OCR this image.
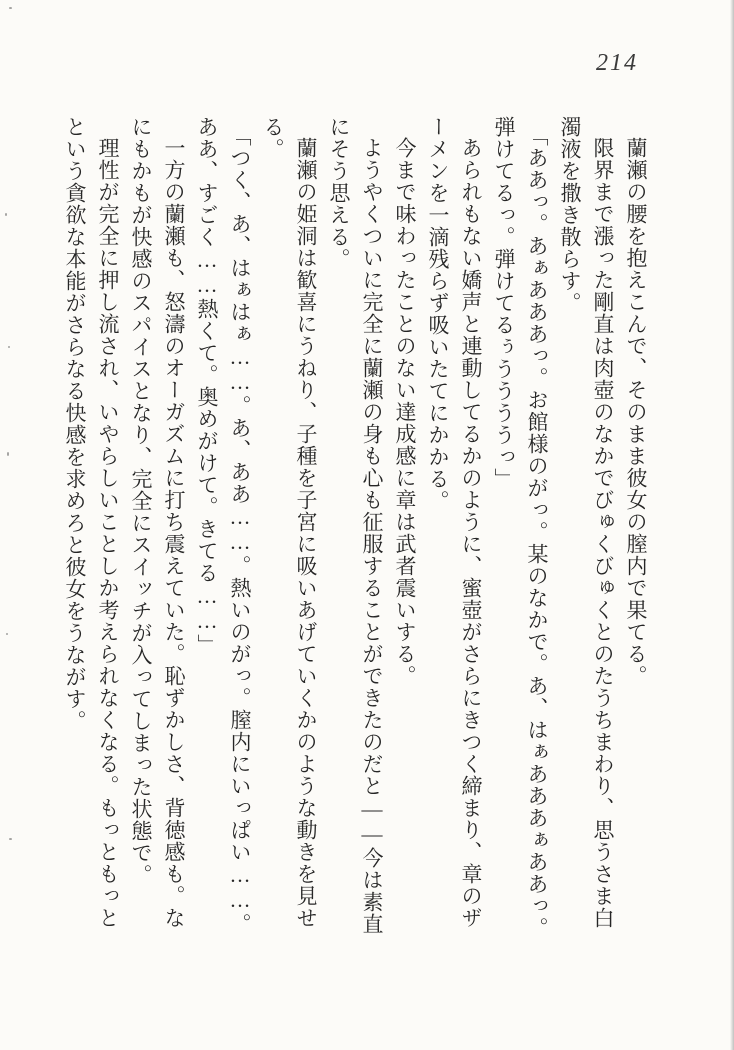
214

蘭瀬の腰を抱えこんで、そのまま彼女の膣内で果てる。

限界まで漲った剛直は肉壺のなかでびゅくびゅくとのたうちまわり、思うさま白濁液を撒き散らす。

「ああっ。あぁあああっ。お館様のがっ。某のなかで。あ、はぁあああぁああっ。弾けてるっ。弾けてるぅううううっ」

あられもない嬌声と連動してるかのように、蜜壺がさらにきつく締まり、章のザーメンを一滴残らず吸いたてにかかる。

今まで味わったことのない達成感に章は武者震いする。

ようやくついに完全に蘭瀬の身も心も征服することができたのだと――今は素直にそう思える。

蘭瀬の姫洞は歓喜にうねり、子種を子宮に吸いあげていくかのような動きを見せる。

「つく、あ、はぁはぁ……。あ、ああ……。熱いのがっ。膣内にいっぱい……。ああ、すごく……熱くて。奥めがけて。きてる……」

一方の蘭瀬も、怒濤のオーガズムに打ち震えていた。恥ずかしさ、背徳感も。なにもかもが快感のスパイスとなり、完全にスイッチが入ってしまった状態で。

理性が完全に押し流され、いやらしいことしか考えられなくなる。もっともっとという貪欲な本能がさらなる快感を求めろと彼女をうながす。
